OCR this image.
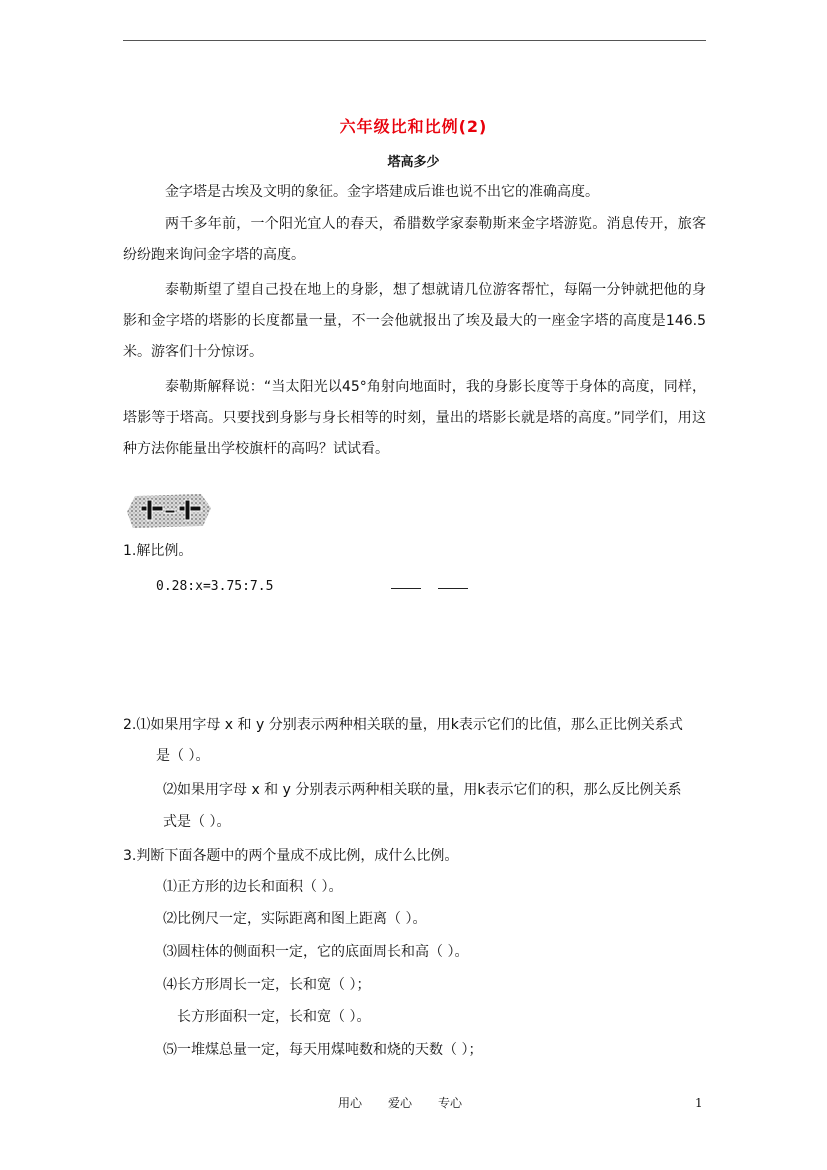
六年级比和比例(2)
塔高多少
金字塔是古埃及文明的象征。金字塔建成后谁也说不出它的准确高度。
两千多年前，一个阳光宜人的春天，希腊数学家泰勒斯来金字塔游览。消息传开，旅客纷纷跑来询问金字塔的高度。
泰勒斯望了望自己投在地上的身影，想了想就请几位游客帮忙，每隔一分钟就把他的身影和金字塔的塔影的长度都量一量，不一会他就报出了埃及最大的一座金字塔的高度是146.5米。游客们十分惊讶。
泰勒斯解释说：“当太阳光以45°角射向地面时，我的身影长度等于身体的高度，同样，塔影等于塔高。只要找到身影与身长相等的时刻，量出的塔影长就是塔的高度。”同学们，用这种方法你能量出学校旗杆的高吗？试试看。
1.解比例。
0.28:x=3.75:7.5
2.⑴如果用字母 x 和 y 分别表示两种相关联的量，用k表示它们的比值，那么正比例关系式
是（ ）。
⑵如果用字母 x 和 y 分别表示两种相关联的量，用k表示它们的积，那么反比例关系
式是（ ）。
3.判断下面各题中的两个量成不成比例，成什么比例。
⑴正方形的边长和面积（ ）。
⑵比例尺一定，实际距离和图上距离（ ）。
⑶圆柱体的侧面积一定，它的底面周长和高（ ）。
⑷长方形周长一定，长和宽（ ）；
长方形面积一定，长和宽（ ）。
⑸一堆煤总量一定，每天用煤吨数和烧的天数（ ）；
用心 爱心 专心	1
